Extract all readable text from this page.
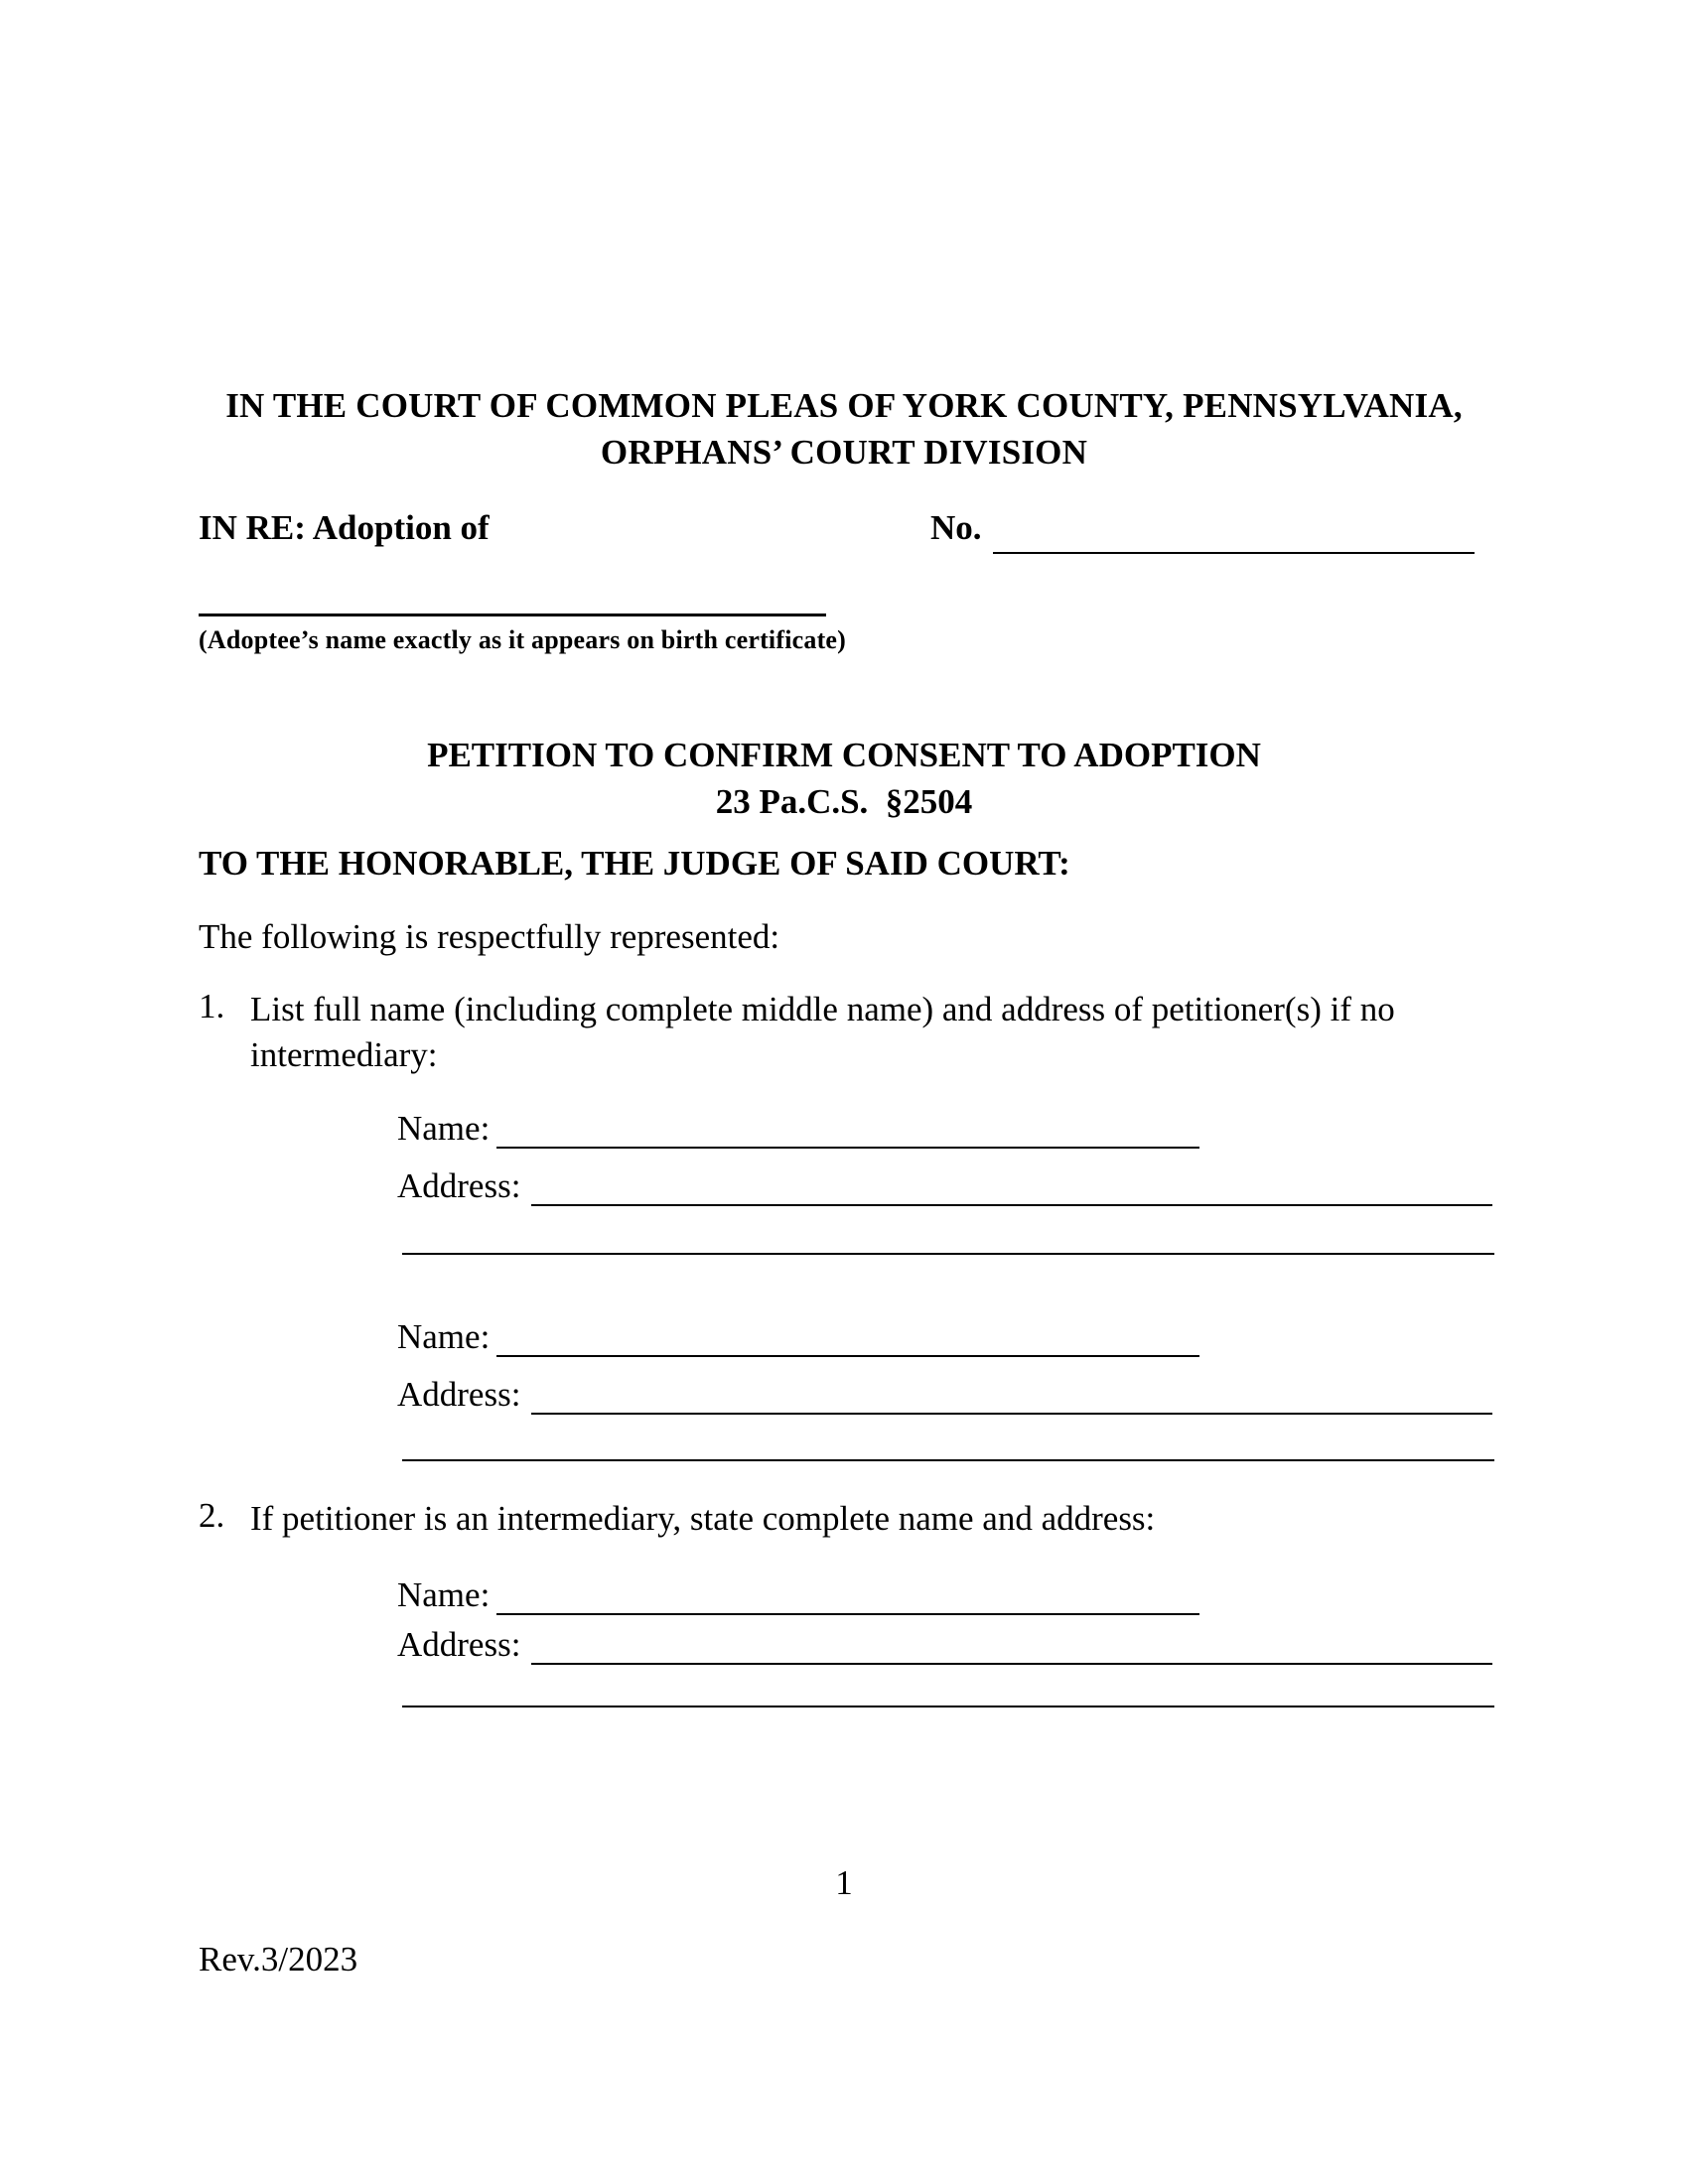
IN THE COURT OF COMMON PLEAS OF YORK COUNTY, PENNSYLVANIA,
ORPHANS’ COURT DIVISION
IN RE: Adoption of	No.
(Adoptee’s name exactly as it appears on birth certificate)
PETITION TO CONFIRM CONSENT TO ADOPTION
23 Pa.C.S.  §2504
TO THE HONORABLE, THE JUDGE OF SAID COURT:
The following is respectfully represented:
1. List full name (including complete middle name) and address of petitioner(s) if no
intermediary:
Name:
Address:
Name:
Address:
2. If petitioner is an intermediary, state complete name and address:
Name:
Address:
1
Rev.3/2023
